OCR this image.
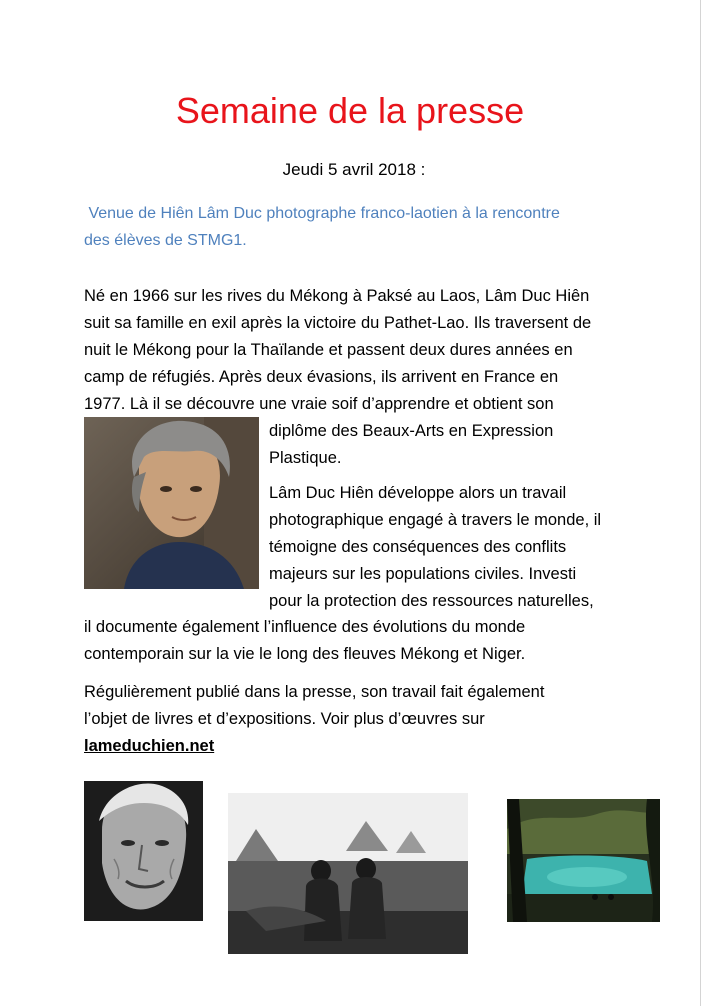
Semaine de la presse
Jeudi 5 avril 2018 :
Venue de Hiên Lâm Duc photographe franco-laotien à la rencontre
des élèves de STMG1.
Né en 1966 sur les rives du Mékong à Paksé au Laos, Lâm Duc Hiên
suit sa famille en exil après la victoire du Pathet-Lao. Ils traversent de
nuit le Mékong pour la Thaïlande et passent deux dures années en
camp de réfugiés. Après deux évasions, ils arrivent en France en
1977. Là il se découvre une vraie soif d’apprendre et obtient son
diplôme des Beaux-Arts en Expression
Plastique.
Lâm Duc Hiên développe alors un travail
photographique engagé à travers le monde, il
témoigne des conséquences des conflits
majeurs sur les populations civiles. Investi
pour la protection des ressources naturelles,
il documente également l’influence des évolutions du monde
contemporain sur la vie le long des fleuves Mékong et Niger.
Régulièrement publié dans la presse, son travail fait également
l’objet de livres et d’expositions. Voir plus d’œuvres sur
lameduchien.net
